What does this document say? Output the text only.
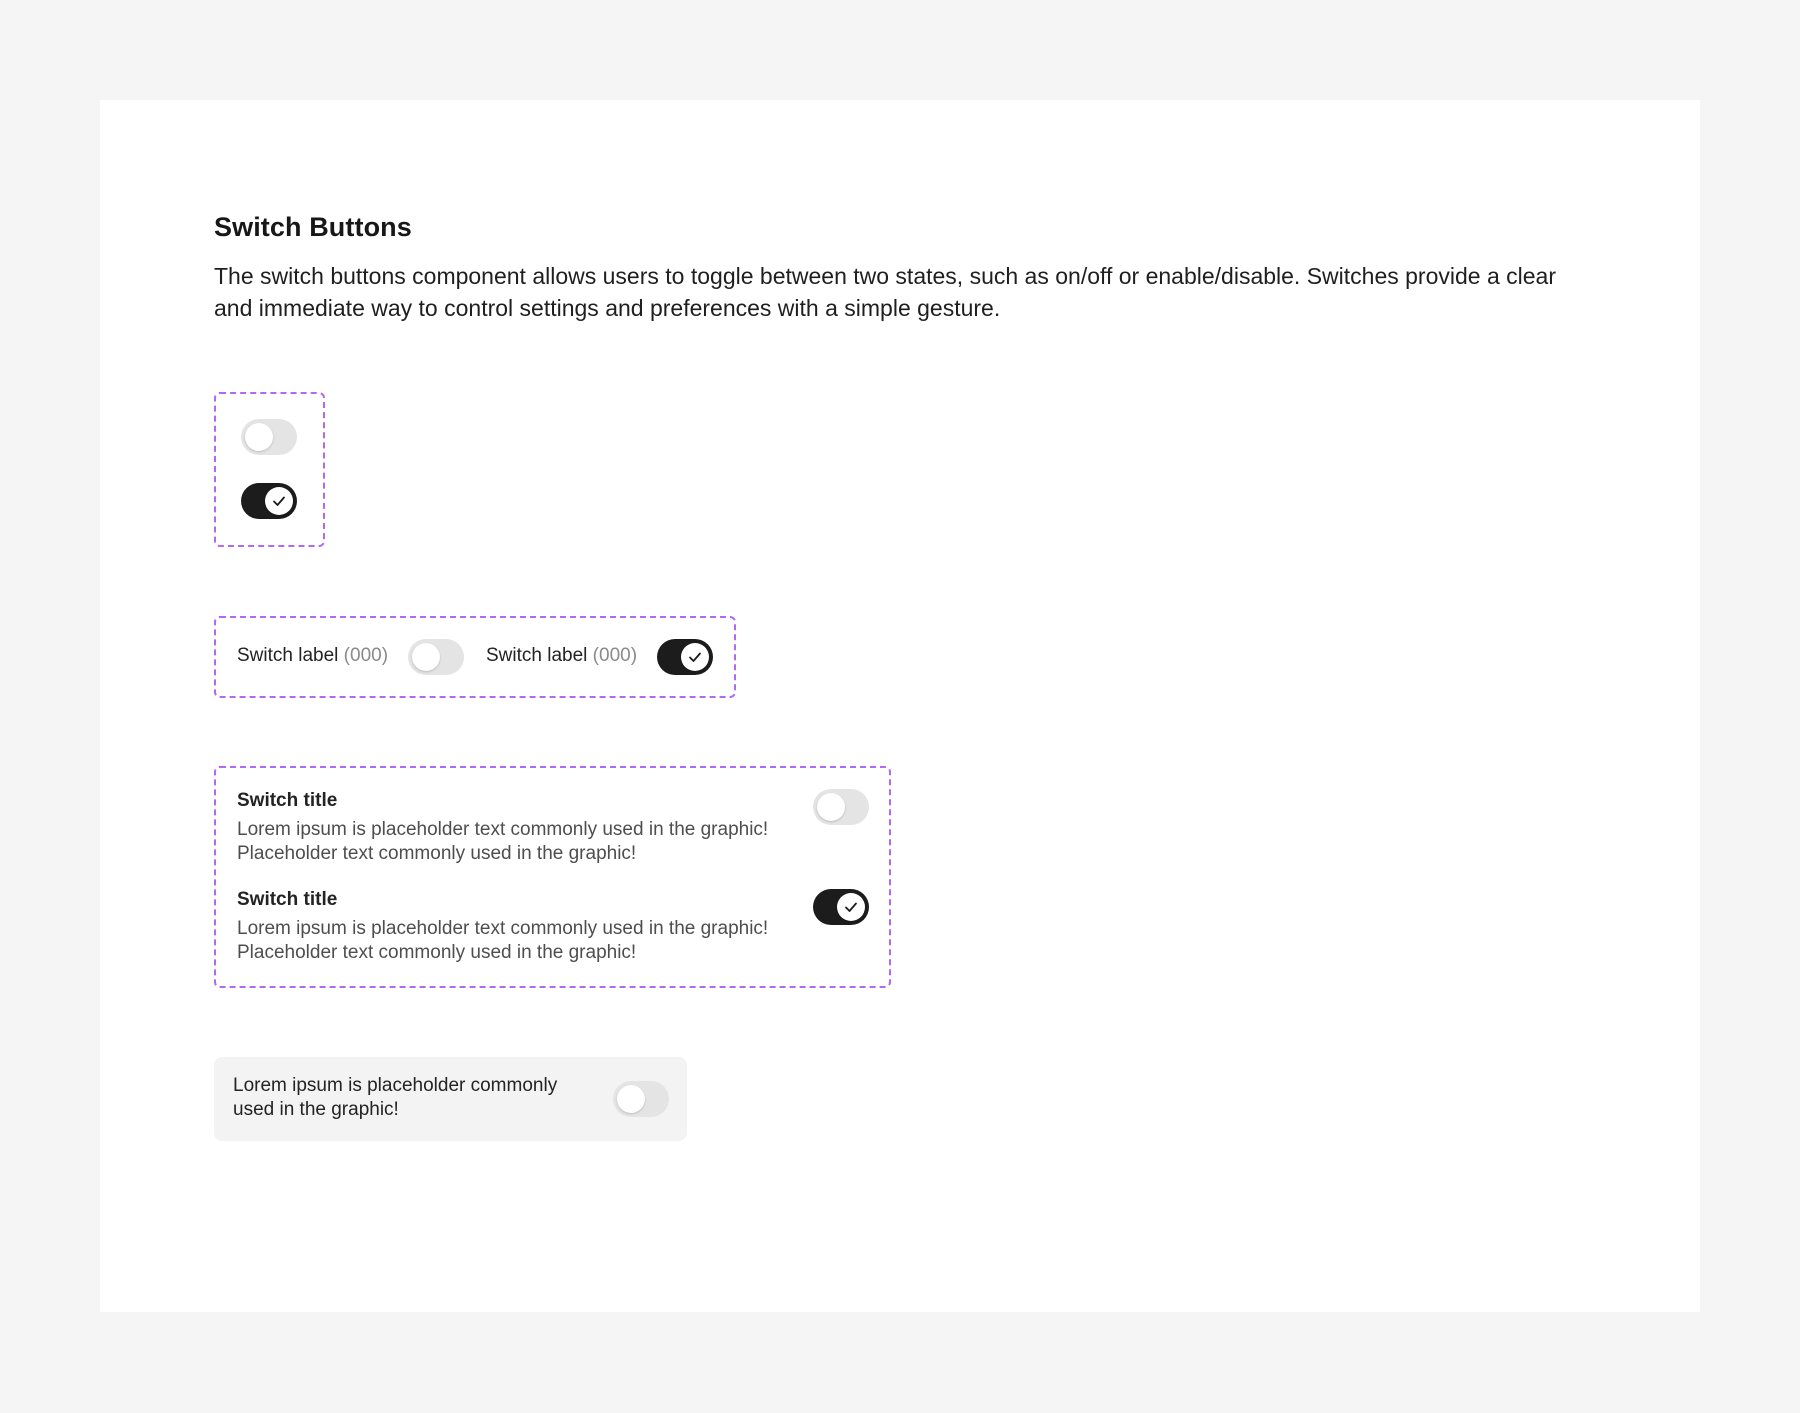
Switch Buttons
The switch buttons component allows users to toggle between two states, such as on/off or enable/disable. Switches provide a clear and immediate way to control settings and preferences with a simple gesture.
Switch label (000)	Switch label (000)
Switch title
Lorem ipsum is placeholder text commonly used in the graphic!
Placeholder text commonly used in the graphic!
Switch title
Lorem ipsum is placeholder text commonly used in the graphic!
Placeholder text commonly used in the graphic!
Lorem ipsum is placeholder commonly
used in the graphic!
